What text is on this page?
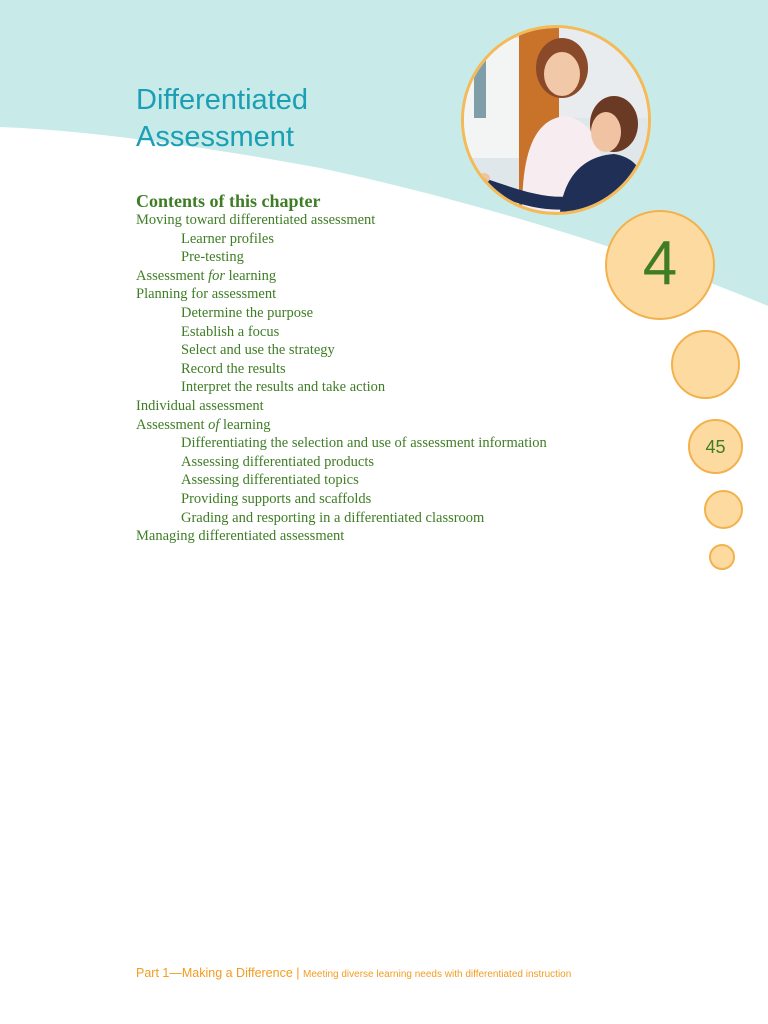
Differentiated
Assessment
4
45
Contents of this chapter
Moving toward differentiated assessment
Learner profiles
Pre-testing
Assessment for learning
Planning for assessment
Determine the purpose
Establish a focus
Select and use the strategy
Record the results
Interpret the results and take action
Individual assessment
Assessment of learning
Differentiating the selection and use of assessment information
Assessing differentiated products
Assessing differentiated topics
Providing supports and scaffolds
Grading and resporting in a differentiated classroom
Managing differentiated assessment
Part 1—Making a Difference | Meeting diverse learning needs with differentiated instruction
